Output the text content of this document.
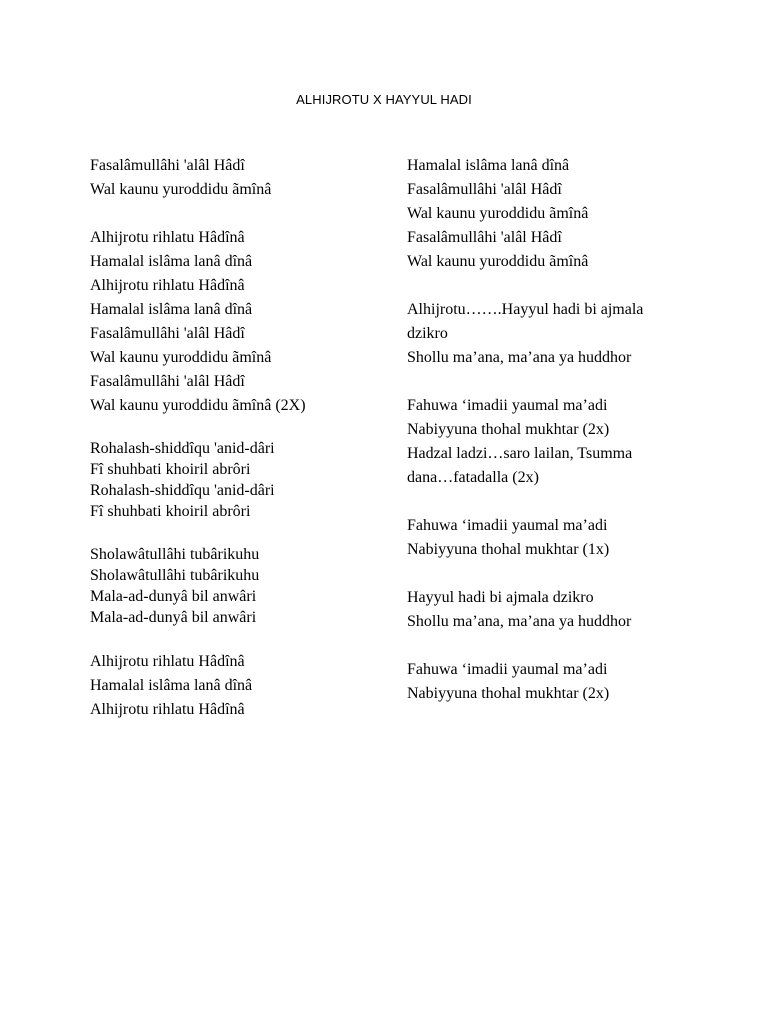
ALHIJROTU X HAYYUL HADI
Fasalâmullâhi 'alâl Hâdî
Wal kaunu yuroddidu ãmînâ
Alhijrotu rihlatu Hâdînâ
Hamalal islâma lanâ dînâ
Alhijrotu rihlatu Hâdînâ
Hamalal islâma lanâ dînâ
Fasalâmullâhi 'alâl Hâdî
Wal kaunu yuroddidu ãmînâ
Fasalâmullâhi 'alâl Hâdî
Wal kaunu yuroddidu ãmînâ (2X)
Rohalash-shiddîqu 'anid-dâri
Fî shuhbati khoiril abrôri
Rohalash-shiddîqu 'anid-dâri
Fî shuhbati khoiril abrôri
Sholawâtullâhi tubârikuhu
Sholawâtullâhi tubârikuhu
Mala-ad-dunyâ bil anwâri
Mala-ad-dunyâ bil anwâri
Alhijrotu rihlatu Hâdînâ
Hamalal islâma lanâ dînâ
Alhijrotu rihlatu Hâdînâ
Hamalal islâma lanâ dînâ
Fasalâmullâhi 'alâl Hâdî
Wal kaunu yuroddidu ãmînâ
Fasalâmullâhi 'alâl Hâdî
Wal kaunu yuroddidu ãmînâ
Alhijrotu…….Hayyul hadi bi ajmala dzikro
Shollu ma’ana, ma’ana ya huddhor
Fahuwa ‘imadii yaumal ma’adi
Nabiyyuna thohal mukhtar (2x)
Hadzal ladzi…saro lailan, Tsumma dana…fatadalla (2x)
Fahuwa ‘imadii yaumal ma’adi
Nabiyyuna thohal mukhtar (1x)
Hayyul hadi bi ajmala dzikro
Shollu ma’ana, ma’ana ya huddhor
Fahuwa ‘imadii yaumal ma’adi
Nabiyyuna thohal mukhtar (2x)
